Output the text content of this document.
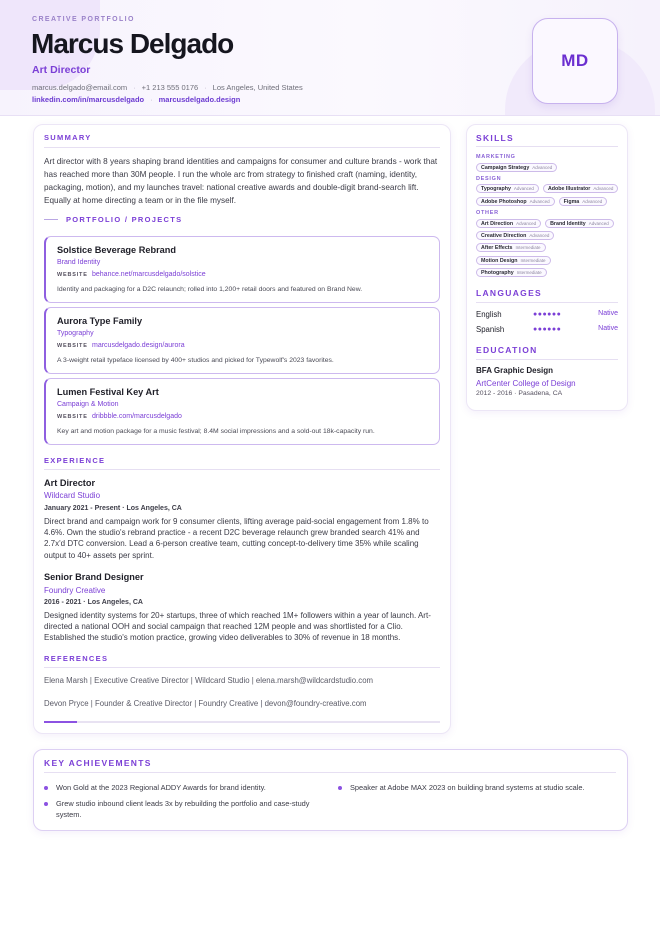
CREATIVE PORTFOLIO
Marcus Delgado
Art Director
marcus.delgado@email.com · +1 213 555 0176 · Los Angeles, United States
linkedin.com/in/marcusdelgado · marcusdelgado.design
MD
SUMMARY
Art director with 8 years shaping brand identities and campaigns for consumer and culture brands - work that has reached more than 30M people. I run the whole arc from strategy to finished craft (naming, identity, packaging, motion), and my launches travel: national creative awards and double-digit brand-search lift. Equally at home directing a team or in the file myself.
PORTFOLIO / PROJECTS
Solstice Beverage Rebrand
Brand Identity
WEBSITE behance.net/marcusdelgado/solstice
Identity and packaging for a D2C relaunch; rolled into 1,200+ retail doors and featured on Brand New.
Aurora Type Family
Typography
WEBSITE marcusdelgado.design/aurora
A 3-weight retail typeface licensed by 400+ studios and picked for Typewolf's 2023 favorites.
Lumen Festival Key Art
Campaign & Motion
WEBSITE dribbble.com/marcusdelgado
Key art and motion package for a music festival; 8.4M social impressions and a sold-out 18k-capacity run.
EXPERIENCE
Art Director
Wildcard Studio
January 2021 - Present · Los Angeles, CA
Direct brand and campaign work for 9 consumer clients, lifting average paid-social engagement from 1.8% to 4.6%. Own the studio's rebrand practice - a recent D2C beverage relaunch grew branded search 41% and 2.7x'd DTC conversion. Lead a 6-person creative team, cutting concept-to-delivery time 35% while scaling output to 40+ assets per sprint.
Senior Brand Designer
Foundry Creative
2016 - 2021 · Los Angeles, CA
Designed identity systems for 20+ startups, three of which reached 1M+ followers within a year of launch. Art-directed a national OOH and social campaign that reached 12M people and was shortlisted for a Clio. Established the studio's motion practice, growing video deliverables to 30% of revenue in 18 months.
REFERENCES
Elena Marsh | Executive Creative Director | Wildcard Studio | elena.marsh@wildcardstudio.com
Devon Pryce | Founder & Creative Director | Foundry Creative | devon@foundry-creative.com
SKILLS
MARKETING
Campaign Strategy Advanced
DESIGN
Typography Advanced	Adobe Illustrator Advanced
Adobe Photoshop Advanced	Figma Advanced
OTHER
Art Direction Advanced	Brand Identity Advanced
Creative Direction Advanced
After Effects Intermediate
Motion Design Intermediate
Photography Intermediate
LANGUAGES
English	●●●●●●	Native
Spanish	●●●●●●	Native
EDUCATION
BFA Graphic Design
ArtCenter College of Design
2012 - 2016 · Pasadena, CA
KEY ACHIEVEMENTS
Won Gold at the 2023 Regional ADDY Awards for brand identity.
Grew studio inbound client leads 3x by rebuilding the portfolio and case-study system.
Speaker at Adobe MAX 2023 on building brand systems at studio scale.
